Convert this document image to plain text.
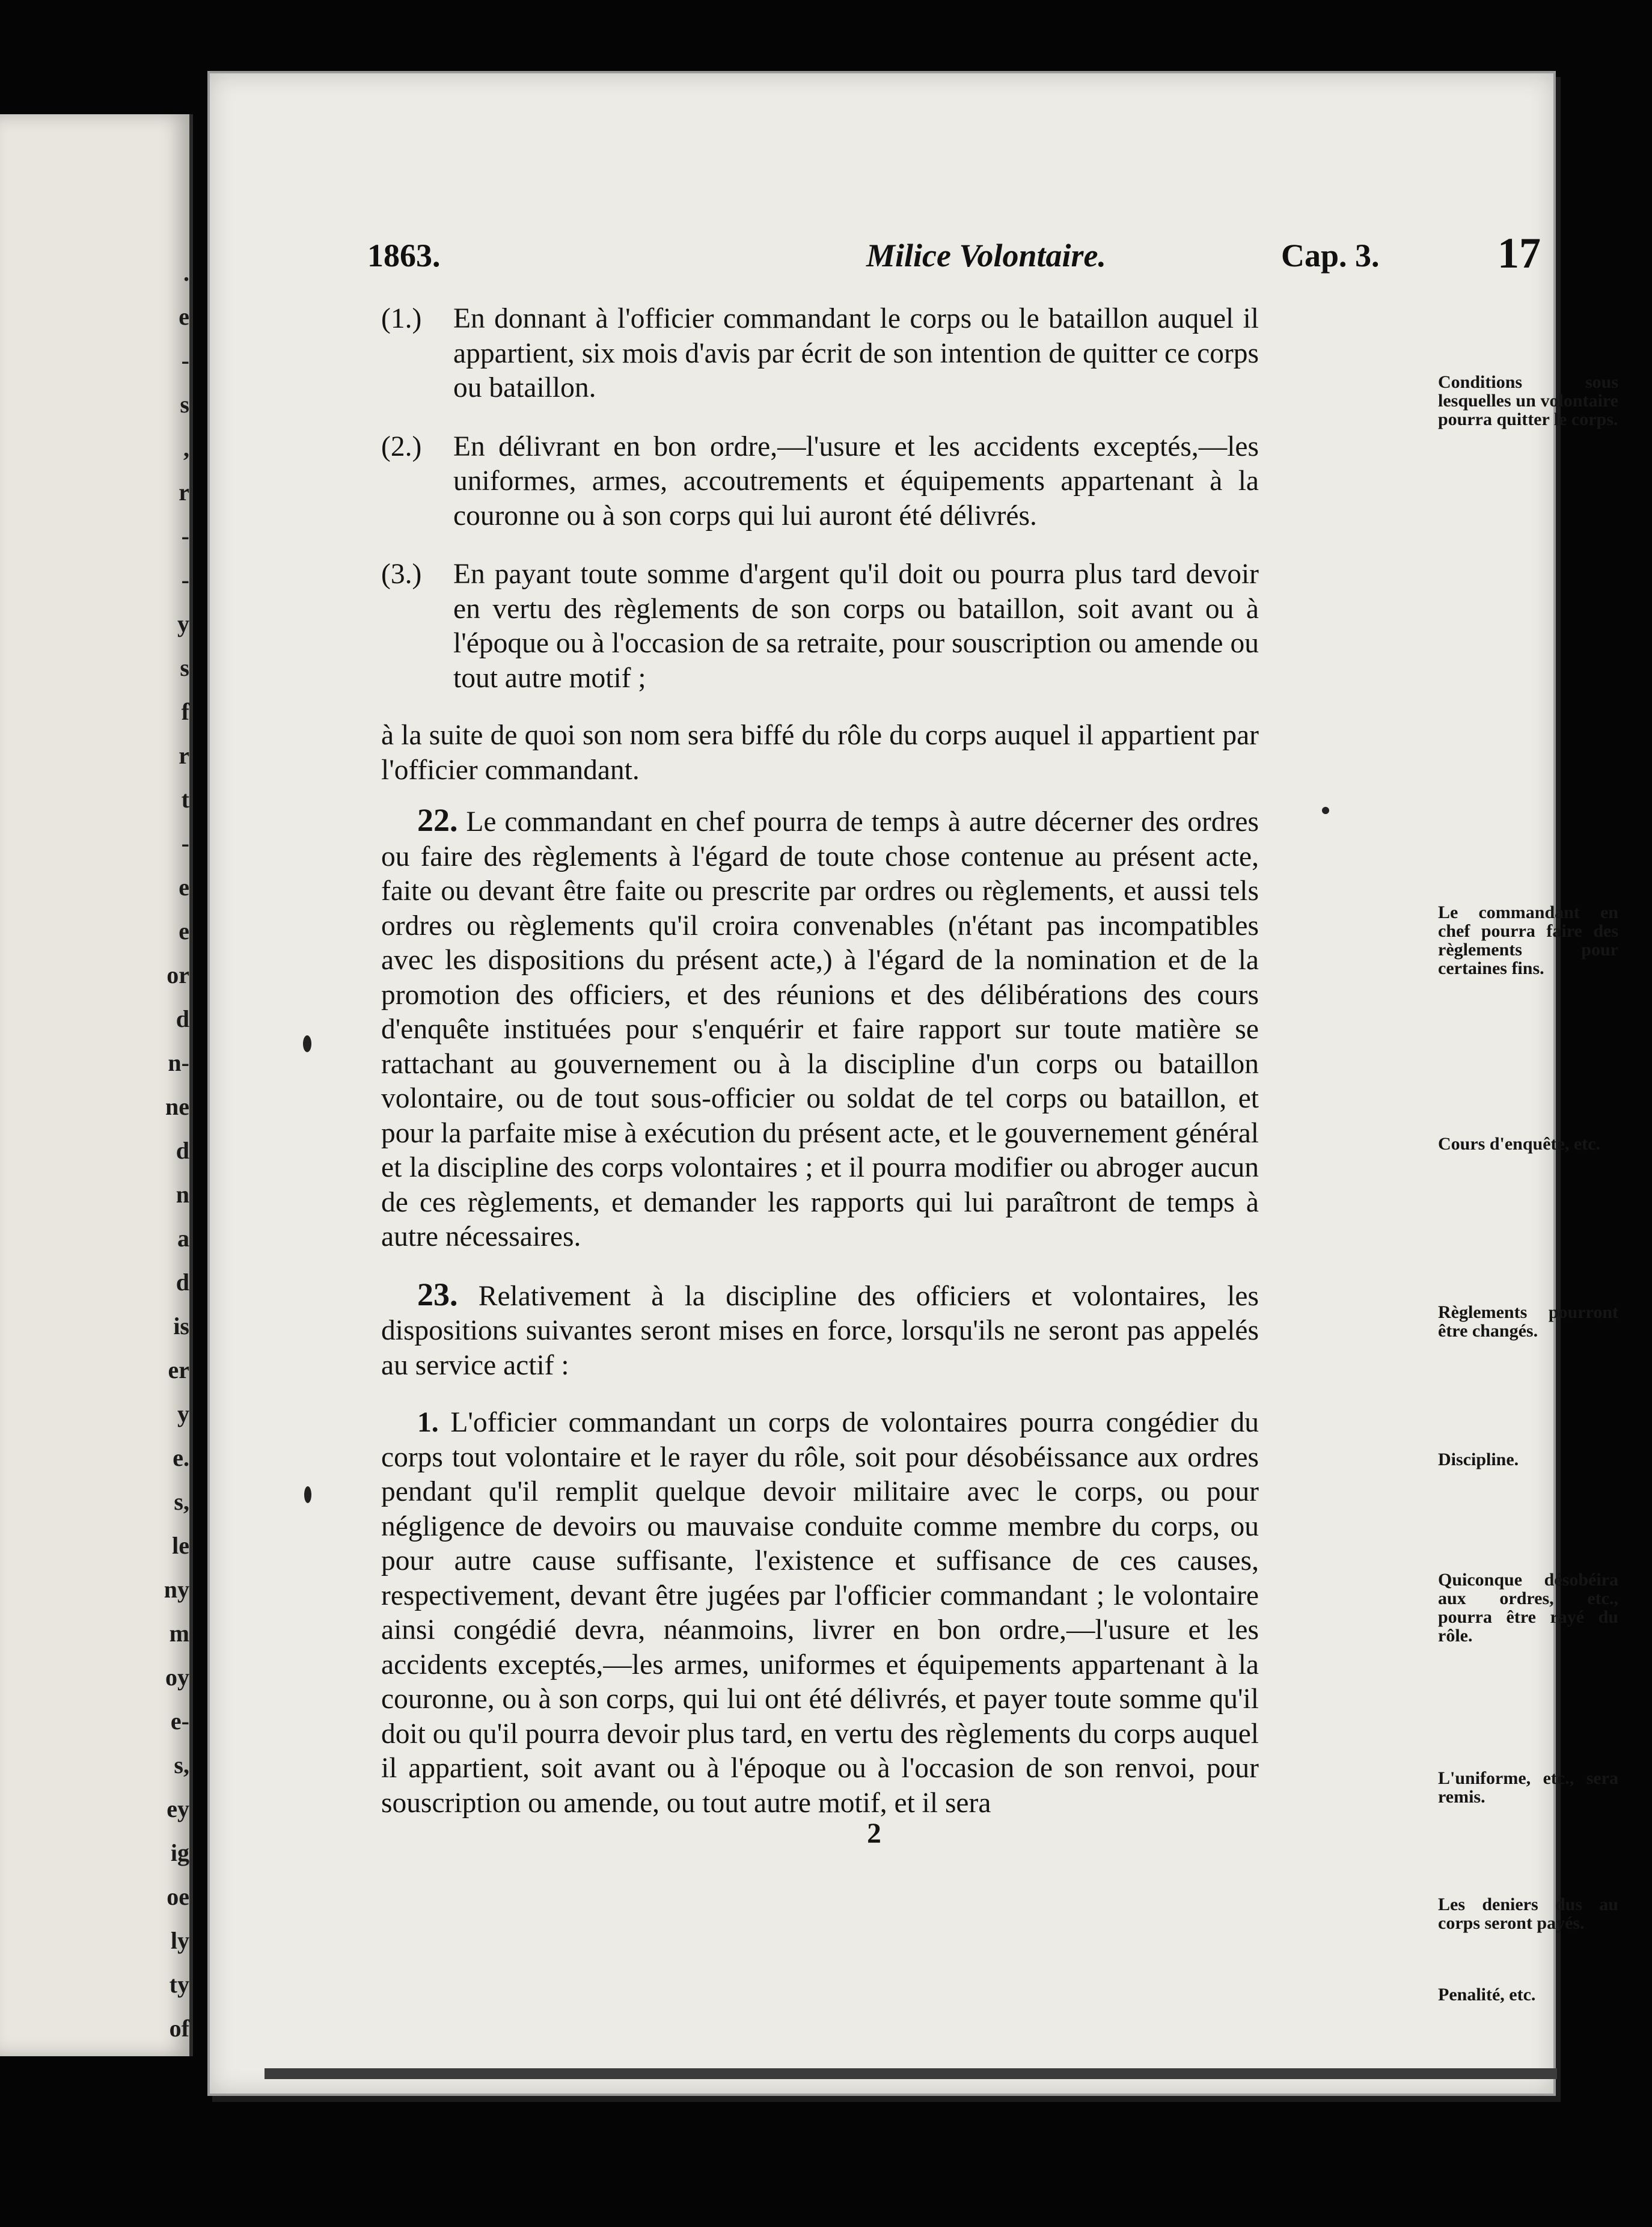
.
e
-
s
,
r
-
-
y
s
f
r
t
-
e
e
or
d
n-
ne
d
n
a
d
is
er
y
e.
s,
le
ny
m
oy
e-
s,
ey
ig
oe
ly
ty
of
1863.	Milice Volontaire.	Cap. 3.	17

(1.) En donnant à l'officier commandant le corps ou le bataillon auquel il appartient, six mois d'avis par écrit de son intention de quitter ce corps ou bataillon.

(2.) En délivrant en bon ordre,—l'usure et les accidents exceptés,—les uniformes, armes, accoutrements et équipements appartenant à la couronne ou à son corps qui lui auront été délivrés.

(3.) En payant toute somme d'argent qu'il doit ou pourra plus tard devoir en vertu des règlements de son corps ou bataillon, soit avant ou à l'époque ou à l'occasion de sa retraite, pour souscription ou amende ou tout autre motif ;

à la suite de quoi son nom sera biffé du rôle du corps auquel il appartient par l'officier commandant.

22. Le commandant en chef pourra de temps à autre décerner des ordres ou faire des règlements à l'égard de toute chose contenue au présent acte, faite ou devant être faite ou prescrite par ordres ou règlements, et aussi tels ordres ou règlements qu'il croira convenables (n'étant pas incompatibles avec les dispositions du présent acte,) à l'égard de la nomination et de la promotion des officiers, et des réunions et des délibérations des cours d'enquête instituées pour s'enquérir et faire rapport sur toute matière se rattachant au gouvernement ou à la discipline d'un corps ou bataillon volontaire, ou de tout sous-officier ou soldat de tel corps ou bataillon, et pour la parfaite mise à exécution du présent acte, et le gouvernement général et la discipline des corps volontaires ; et il pourra modifier ou abroger aucun de ces règlements, et demander les rapports qui lui paraîtront de temps à autre nécessaires.

23. Relativement à la discipline des officiers et volontaires, les dispositions suivantes seront mises en force, lorsqu'ils ne seront pas appelés au service actif :

1. L'officier commandant un corps de volontaires pourra congédier du corps tout volontaire et le rayer du rôle, soit pour désobéissance aux ordres pendant qu'il remplit quelque devoir militaire avec le corps, ou pour négligence de devoirs ou mauvaise conduite comme membre du corps, ou pour autre cause suffisante, l'existence et suffisance de ces causes, respectivement, devant être jugées par l'officier commandant ; le volontaire ainsi congédié devra, néanmoins, livrer en bon ordre,—l'usure et les accidents exceptés,—les armes, uniformes et équipements appartenant à la couronne, ou à son corps, qui lui ont été délivrés, et payer toute somme qu'il doit ou qu'il pourra devoir plus tard, en vertu des règlements du corps auquel il appartient, soit avant ou à l'époque ou à l'occasion de son renvoi, pour souscription ou amende, ou tout autre motif, et il sera

2
Conditions sous lesquelles un volontaire pourra quitter le corps.
Le commandant en chef pourra faire des règlements pour certaines fins.
Cours d'enquête, etc.
Règlements pourront être changés.
Discipline.
Quiconque désobéira aux ordres, etc., pourra être rayé du rôle.
L'uniforme, etc., sera remis.
Les deniers dus au corps seront payés.
Penalité, etc.
